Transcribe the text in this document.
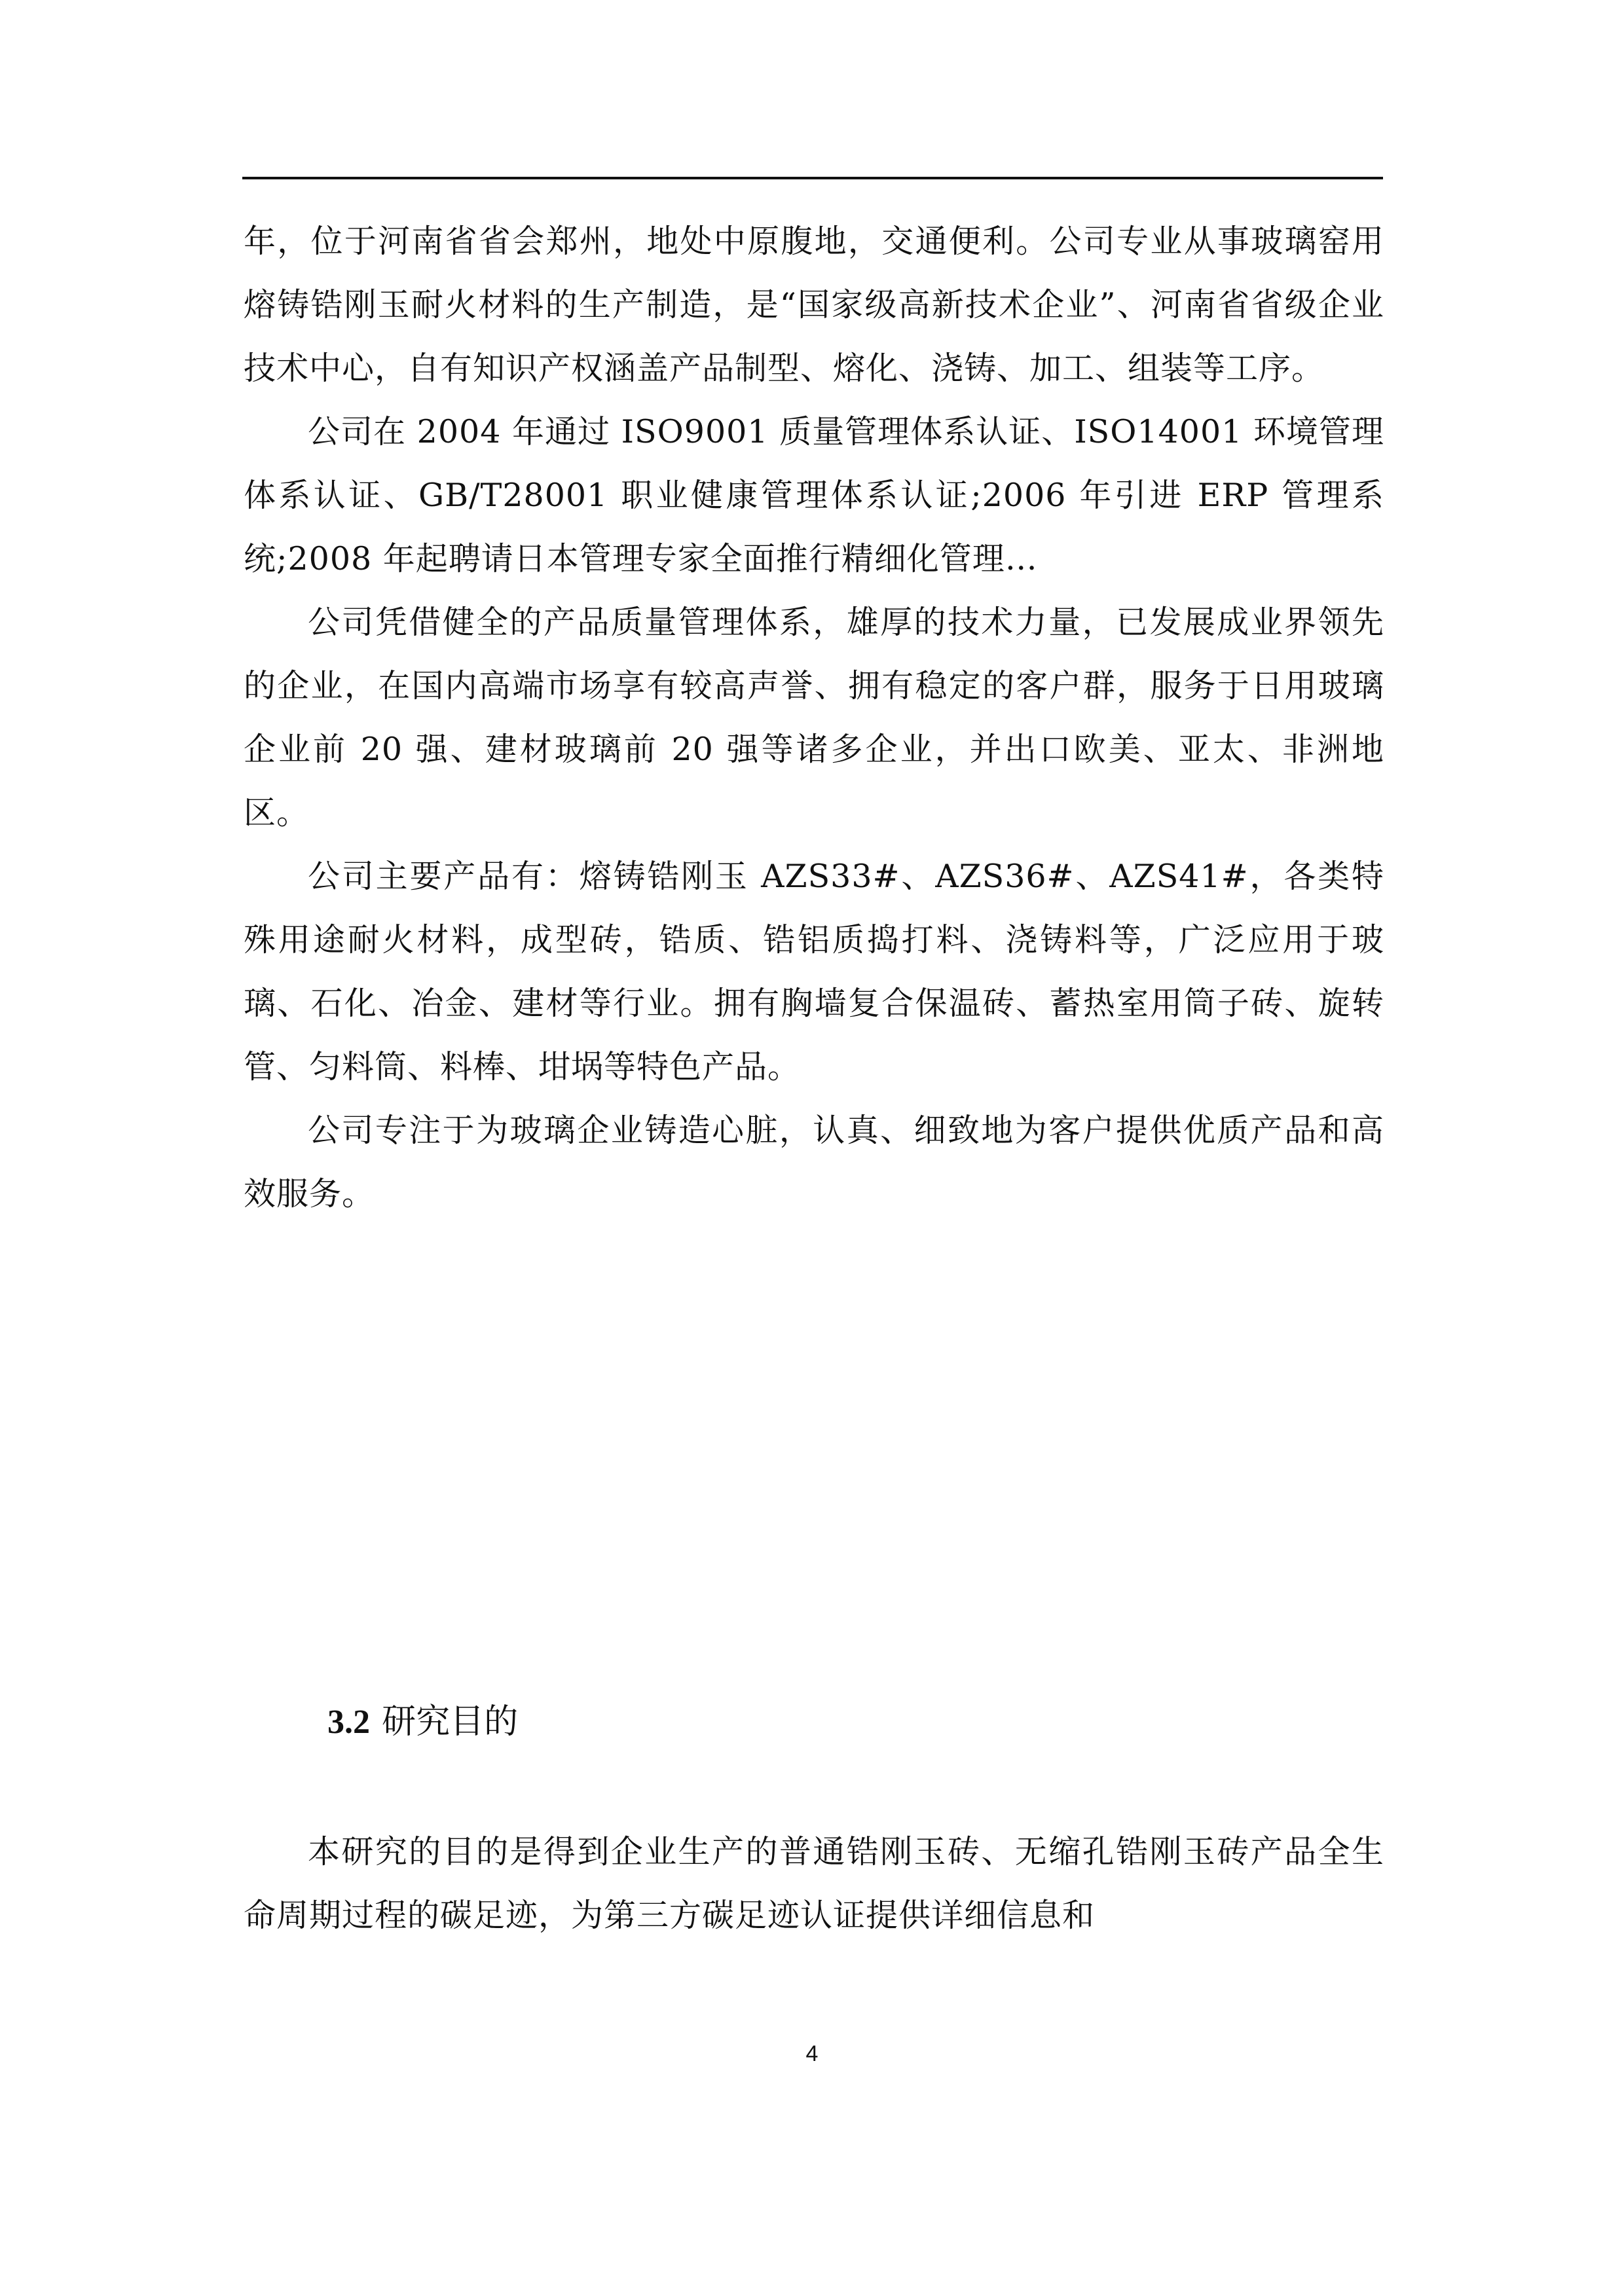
年，位于河南省省会郑州，地处中原腹地，交通便利。公司专业从事玻璃窑用熔铸锆刚玉耐火材料的生产制造，是“国家级高新技术企业”、河南省省级企业技术中心，自有知识产权涵盖产品制型、熔化、浇铸、加工、组装等工序。

公司在 2004 年通过 ISO9001 质量管理体系认证、ISO14001 环境管理体系认证、GB/T28001 职业健康管理体系认证;2006 年引进 ERP 管理系统;2008 年起聘请日本管理专家全面推行精细化管理…

公司凭借健全的产品质量管理体系，雄厚的技术力量，已发展成业界领先的企业，在国内高端市场享有较高声誉、拥有稳定的客户群，服务于日用玻璃企业前 20 强、建材玻璃前 20 强等诸多企业，并出口欧美、亚太、非洲地区。

公司主要产品有：熔铸锆刚玉 AZS33#、AZS36#、AZS41#，各类特殊用途耐火材料，成型砖，锆质、锆铝质捣打料、浇铸料等，广泛应用于玻璃、石化、冶金、建材等行业。拥有胸墙复合保温砖、蓄热室用筒子砖、旋转管、匀料筒、料棒、坩埚等特色产品。

公司专注于为玻璃企业铸造心脏，认真、细致地为客户提供优质产品和高效服务。

3.2 研究目的

本研究的目的是得到企业生产的普通锆刚玉砖、无缩孔锆刚玉砖产品全生命周期过程的碳足迹，为第三方碳足迹认证提供详细信息和

4
